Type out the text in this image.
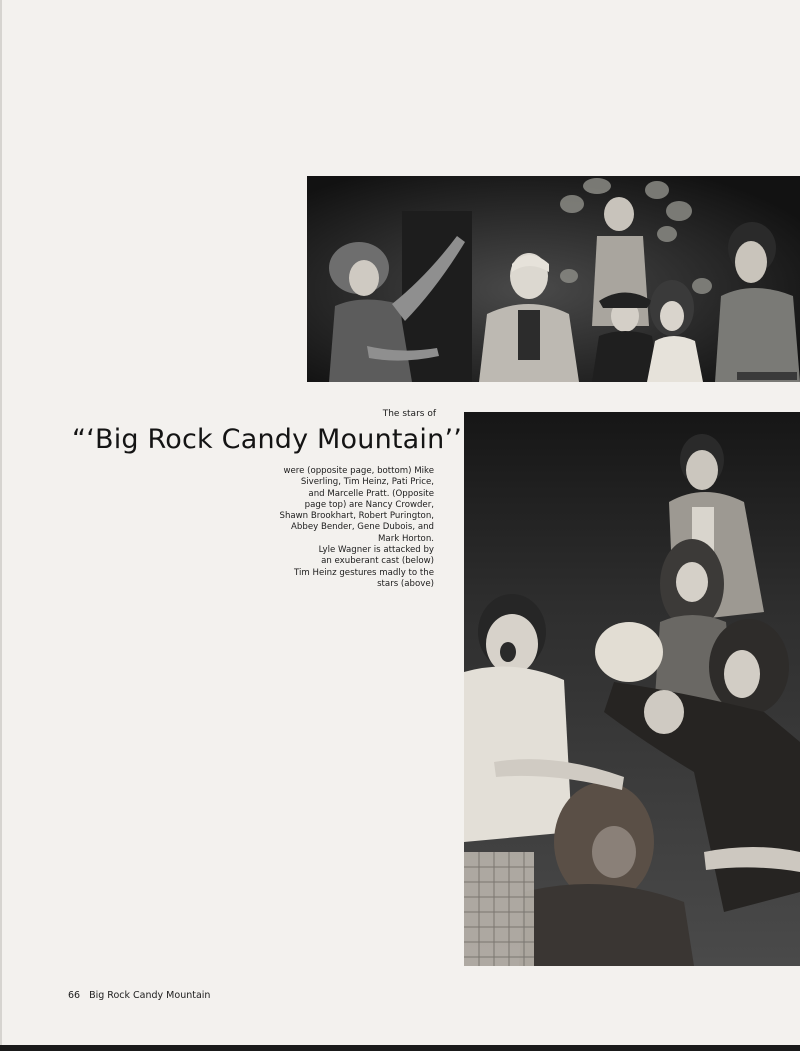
The stars of
“‘Big Rock Candy Mountain’’
were (opposite page, bottom) Mike
Siverling, Tim Heinz, Pati Price,
and Marcelle Pratt. (Opposite
page top) are Nancy Crowder,
Shawn Brookhart, Robert Purington,
Abbey Bender, Gene Dubois, and
Mark Horton.
Lyle Wagner is attacked by
an exuberant cast (below)
Tim Heinz gestures madly to the
stars (above)
66 Big Rock Candy Mountain
